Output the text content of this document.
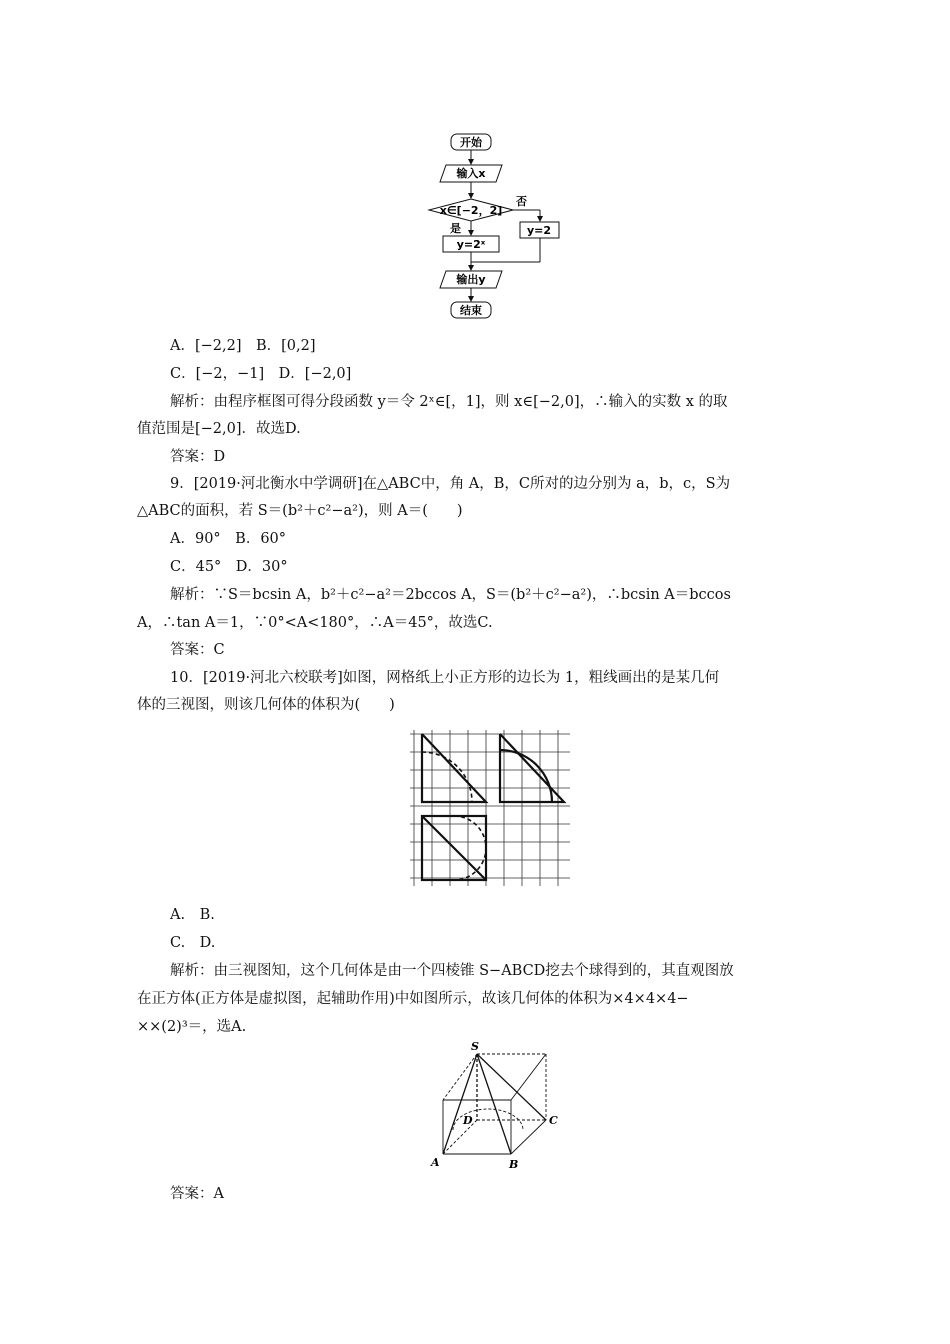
开始
输入x
x∈[−2，2]
否
是
y=2ˣ
y=2
输出y
结束
A．[−2,2]　B．[0,2]
C．[−2，−1]　D．[−2,0]
解析：由程序框图可得分段函数 y＝令 2ˣ∈[，1]，则 x∈[−2,0]，∴输入的实数 x 的取
值范围是[−2,0]．故选D.
答案：D
9．[2019·河北衡水中学调研]在△ABC中，角 A，B，C所对的边分别为 a，b，c，S为
△ABC的面积，若 S＝(b²＋c²−a²)，则 A＝(　　)
A．90°　B．60°
C．45°　D．30°
解析：∵S＝bcsin A，b²＋c²−a²＝2bccos A，S＝(b²＋c²−a²)，∴bcsin A＝bccos
A，∴tan A＝1，∵0°<A<180°，∴A＝45°，故选C.
答案：C
10．[2019·河北六校联考]如图，网格纸上小正方形的边长为 1，粗线画出的是某几何
体的三视图，则该几何体的体积为(　　)
A.　B.
C.　D.
解析：由三视图知，这个几何体是由一个四棱锥 S−ABCD挖去个球得到的，其直观图放
在正方体(正方体是虚拟图，起辅助作用)中如图所示，故该几何体的体积为×4×4×4−
××(2)³＝，选A.
S
D	C
A	B
答案：A
